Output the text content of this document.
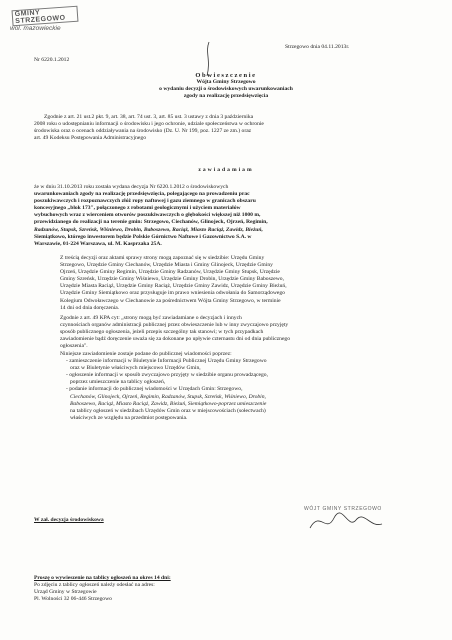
GMINY STRZEGOWO
wol. mazowieckie
Nr 6220.1.2012
Strzegowo dnia 04.11.2013r.
Obwieszczenie
Wójta Gminy Strzegowo
o wydaniu decyzji o środowiskowych uwarunkowaniach
zgody na realizację przedsięwzięcia
Zgodnie z art. 21 ust.2 pkt. 9, art. 38, art. 74 ust. 3, art. 85 ust. 3 ustawy z dnia 3 października
2008 roku o udostępnianiu informacji o środowisku i jego ochronie, udziale społeczeństwa w ochronie
środowiska oraz o ocenach oddziaływania na środowisko (Dz. U. Nr 199, poz. 1227 ze zm.) oraz
art. 49 Kodeksu Postępowania Administracyjnego
zawiadamiam
że w dniu 31.10.2013 roku została wydana decyzja Nr 6220.1.2012 o środowiskowych
uwarunkowaniach zgody na realizację przedsięwzięcia, polegającego na prowadzeniu prac
poszukiwawczych i rozpoznawczych złóż ropy naftowej i gazu ziemnego w granicach obszaru
koncesyjnego „blok 173", połączonego z robotami geologicznymi i użyciem materiałów
wybuchowych wraz z wierceniem otworów poszukiwawczych o głębokości większej niż 1000 m,
przewidzianego do realizacji na terenie gmin: Strzegowo, Ciechanów, Glinojeck, Ojrzeń, Regimin,
Radzanów, Stupsk, Szreńsk, Wiśniewo, Drobin, Baboszewo, Raciąż, Miasto Raciąż, Zawidz, Bieżuń,
Siemiątkowo, którego inwestorem będzie Polskie Górnictwo Naftowe i Gazownictwo S.A. w
Warszawie, 01-224 Warszawa, ul. M. Kasprzaka 25A.
Z treścią decyzji oraz aktami sprawy strony mogą zapoznać się w siedzibie: Urzędu Gminy
Strzegowo, Urzędzie Gminy Ciechanów, Urzędzie Miasta i Gminy Glinojeck, Urzędzie Gminy
Ojrzeń, Urzędzie Gminy Regimin, Urzędzie Gminy Radzanów, Urzędzie Gminy Stupsk, Urzędzie
Gminy Szreńsk, Urzędzie Gminy Wiśniewo, Urzędzie Gminy Drobin, Urzędzie Gminy Baboszewo,
Urzędzie Miasta Raciąż, Urzędzie Gminy Raciąż, Urzędzie Gminy Zawidz, Urzędzie Gminy Bieżuń,
Urzędzie Gminy Siemiątkowo oraz przysługuje im prawo wniesienia odwołania do Samorządowego
Kolegium Odwoławczego w Ciechanowie za pośrednictwem Wójta Gminy Strzegowo, w terminie
14 dni od dnia doręczenia.
Zgodnie z art. 49 KPA cyt: „strony mogą być zawiadamiane o decyzjach i innych
czynnościach organów administracji publicznej przez obwieszczenie lub w inny zwyczajowo przyjęty
sposób publicznego ogłoszenia, jeżeli przepis szczególny tak stanowi; w tych przypadkach
zawiadomienie bądź doręczenie uważa się za dokonane po upływie czternastu dni od dnia publicznego
ogłoszenia".
Niniejsze zawiadomienie zostaje podane do publicznej wiadomości poprzez:
- zamieszczenie informacji w Biuletynie Informacji Publicznej Urzędu Gminy Strzegowo
oraz w Biuletynie właściwych miejscowo Urzędów Gmin,
- ogłoszenie informacji w sposób zwyczajowo przyjęty w siedzibie organu prowadzącego,
poprzez umieszczenie na tablicy ogłoszeń,
- podanie informacji do publicznej wiadomości w Urzędach Gmin: Strzegowo,
Ciechanów, Glinojeck, Ojrzeń, Regimin, Radzanów, Stupsk, Szreńsk, Wiśniewo, Drobin,
Baboszewo, Raciąż, Miasto Raciąż, Zawidz, Bieżuń, Siemiątkowo-poprzez umieszczenie
na tablicy ogłoszeń w siedzibach Urzędów Gmin oraz w miejscowościach (sołectwach)
właściwych ze względu na przedmiot postępowania.
WÓJT GMINY STRZEGOWO
W zał. decyzja środowiskowa
Proszę o wywieszenie na tablicy ogłoszeń na okres 14 dni:
Po zdjęciu z tablicy ogłoszeń należy odesłać na adres:
Urząd Gminy w Strzegowie
Pl. Wolności 32 06-446 Strzegowo
